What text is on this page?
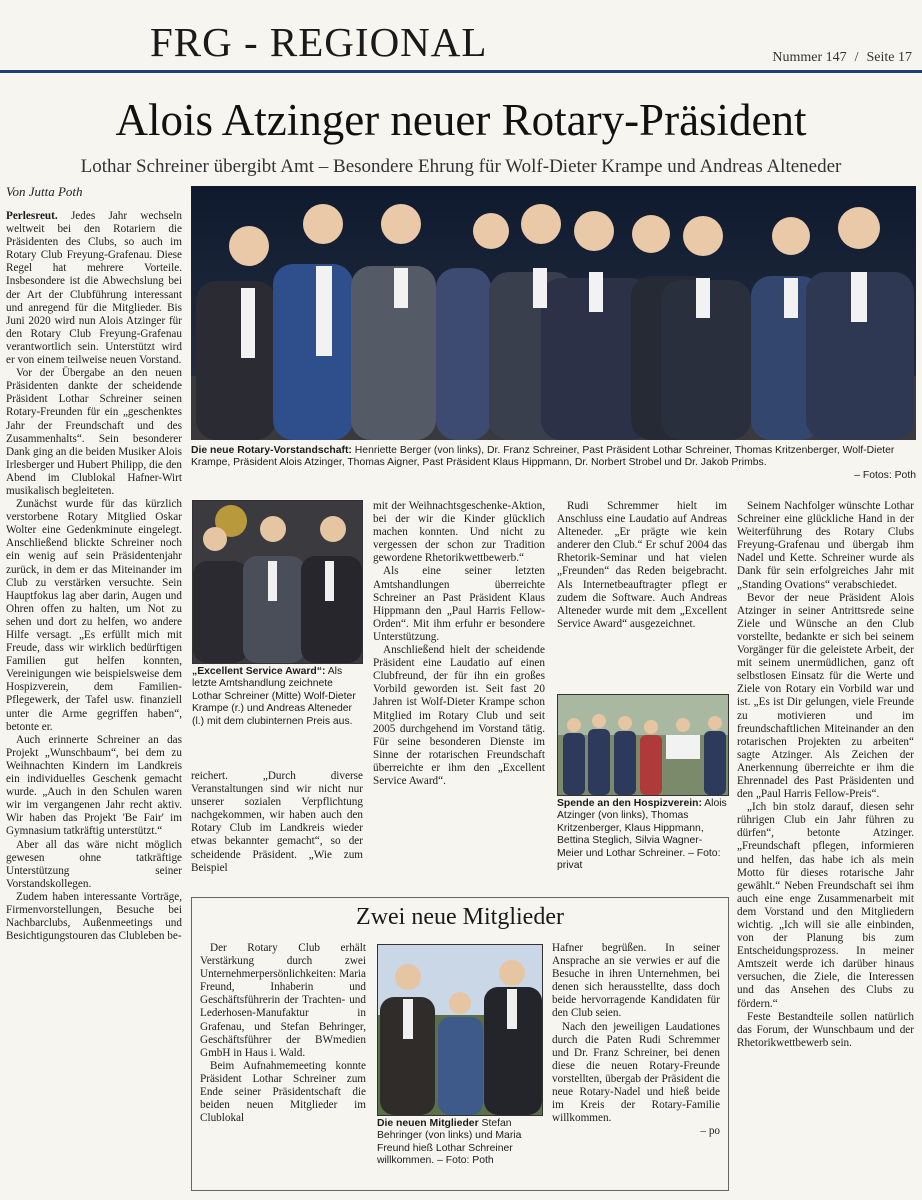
FRG - REGIONAL	Nummer 147 / Seite 17
Alois Atzinger neuer Rotary-Präsident
Lothar Schreiner übergibt Amt – Besondere Ehrung für Wolf-Dieter Krampe und Andreas Alteneder
Von Jutta Poth

Perlesreut. Jedes Jahr wechseln weltweit bei den Rotariern die Präsidenten des Clubs, so auch im Rotary Club Freyung-Grafenau. Diese Regel hat mehrere Vorteile. Insbesondere ist die Abwechslung bei der Art der Clubführung interessant und anregend für die Mitglieder. Bis Juni 2020 wird nun Alois Atzinger für den Rotary Club Freyung-Grafenau verantwortlich sein. Unterstützt wird er von einem teilweise neuen Vorstand.

Vor der Übergabe an den neuen Präsidenten dankte der scheidende Präsident Lothar Schreiner seinen Rotary-Freunden für ein „geschenktes Jahr der Freundschaft und des Zusammenhalts“. Sein besonderer Dank ging an die beiden Musiker Alois Irlesberger und Hubert Philipp, die den Abend im Clublokal Hafner-Wirt musikalisch begleiteten.

Zunächst wurde für das kürzlich verstorbene Rotary Mitglied Oskar Wolter eine Gedenkminute eingelegt. Anschließend blickte Schreiner noch ein wenig auf sein Präsidentenjahr zurück, in dem er das Miteinander im Club zu verstärken versuchte. Sein Hauptfokus lag aber darin, Augen und Ohren offen zu halten, um Not zu sehen und dort zu helfen, wo andere Hilfe versagt. „Es erfüllt mich mit Freude, dass wir wirklich bedürftigen Familien gut helfen konnten, Vereinigungen wie beispielsweise dem Hospizverein, dem Familien-Pflegewerk, der Tafel usw. finanziell unter die Arme gegriffen haben“, betonte er.

Auch erinnerte Schreiner an das Projekt „Wunschbaum“, bei dem zu Weihnachten Kindern im Landkreis ein individuelles Geschenk gemacht wurde. „Auch in den Schulen waren wir im vergangenen Jahr recht aktiv. Wir haben das Projekt 'Be Fair' im Gymnasium tatkräftig unterstützt.“

Aber all das wäre nicht möglich gewesen ohne tatkräftige Unterstützung seiner Vorstandskollegen.

Zudem haben interessante Vorträge, Firmenvorstellungen, Besuche bei Nachbarclubs, Außenmeetings und Besichtigungstouren das Clubleben be-

Die neue Rotary-Vorstandschaft: Henriette Berger (von links), Dr. Franz Schreiner, Past Präsident Lothar Schreiner, Thomas Kritzenberger, Wolf-Dieter Krampe, Präsident Alois Atzinger, Thomas Aigner, Past Präsident Klaus Hippmann, Dr. Norbert Strobel und Dr. Jakob Primbs.
– Fotos: Poth
„Excellent Service Award“: Als letzte Amtshandlung zeichnete Lothar Schreiner (Mitte) Wolf-Dieter Krampe (r.) und Andreas Alteneder (l.) mit dem clubinternen Preis aus.

reichert. „Durch diverse Veranstaltungen sind wir nicht nur unserer sozialen Verpflichtung nachgekommen, wir haben auch den Rotary Club im Landkreis wieder etwas bekannter gemacht“, so der scheidende Präsident. „Wie zum Beispiel

mit der Weihnachtsgeschenke-Aktion, bei der wir die Kinder glücklich machen konnten. Und nicht zu vergessen der schon zur Tradition gewordene Rhetorikwettbewerb.“

Als eine seiner letzten Amtshandlungen überreichte Schreiner an Past Präsident Klaus Hippmann den „Paul Harris Fellow-Orden“. Mit ihm erfuhr er besondere Unterstützung.

Anschließend hielt der scheidende Präsident eine Laudatio auf einen Clubfreund, der für ihn ein großes Vorbild geworden ist. Seit fast 20 Jahren ist Wolf-Dieter Krampe schon Mitglied im Rotary Club und seit 2005 durchgehend im Vorstand tätig. Für seine besonderen Dienste im Sinne der rotarischen Freundschaft überreichte er ihm den „Excellent Service Award“.

Rudi Schremmer hielt im Anschluss eine Laudatio auf Andreas Alteneder. „Er prägte wie kein anderer den Club.“ Er schuf 2004 das Rhetorik-Seminar und hat vielen „Freunden“ das Reden beigebracht. Als Internetbeauftragter pflegt er zudem die Software. Auch Andreas Alteneder wurde mit dem „Excellent Service Award“ ausgezeichnet.

Spende an den Hospizverein: Alois Atzinger (von links), Thomas Kritzenberger, Klaus Hippmann, Bettina Steglich, Silvia Wagner-Meier und Lothar Schreiner. – Foto: privat

Seinem Nachfolger wünschte Lothar Schreiner eine glückliche Hand in der Weiterführung des Rotary Clubs Freyung-Grafenau und übergab ihm Nadel und Kette. Schreiner wurde als Dank für sein erfolgreiches Jahr mit „Standing Ovations“ verabschiedet.

Bevor der neue Präsident Alois Atzinger in seiner Antrittsrede seine Ziele und Wünsche an den Club vorstellte, bedankte er sich bei seinem Vorgänger für die geleistete Arbeit, der mit seinem unermüdlichen, ganz oft selbstlosen Einsatz für die Werte und Ziele von Rotary ein Vorbild war und ist. „Es ist Dir gelungen, viele Freunde zu motivieren und im freundschaftlichen Miteinander an den rotarischen Projekten zu arbeiten“ sagte Atzinger. Als Zeichen der Anerkennung überreichte er ihm die Ehrennadel des Past Präsidenten und den „Paul Harris Fellow-Preis“.

„Ich bin stolz darauf, diesen sehr rührigen Club ein Jahr führen zu dürfen“, betonte Atzinger. „Freundschaft pflegen, informieren und helfen, das habe ich als mein Motto für dieses rotarische Jahr gewählt.“ Neben Freundschaft sei ihm auch eine enge Zusammenarbeit mit dem Vorstand und den Mitgliedern wichtig. „Ich will sie alle einbinden, von der Planung bis zum Entscheidungsprozess. In meiner Amtszeit werde ich darüber hinaus versuchen, die Ziele, die Interessen und das Ansehen des Clubs zu fördern.“

Feste Bestandteile sollen natürlich das Forum, der Wunschbaum und der Rhetorikwettbewerb sein.

Zwei neue Mitglieder

Der Rotary Club erhält Verstärkung durch zwei Unternehmerpersönlichkeiten: Maria Freund, Inhaberin und Geschäftsführerin der Trachten- und Lederhosen-Manufaktur in Grafenau, und Stefan Behringer, Geschäftsführer der BWmedien GmbH in Haus i. Wald.

Beim Aufnahmemeeting konnte Präsident Lothar Schreiner zum Ende seiner Präsidentschaft die beiden neuen Mitglieder im Clublokal	Die neuen Mitglieder Stefan Behringer (von links) und Maria Freund hieß Lothar Schreiner willkommen. – Foto: Poth

Hafner begrüßen. In seiner Ansprache an sie verwies er auf die Besuche in ihren Unternehmen, bei denen sich herausstellte, dass doch beide hervorragende Kandidaten für den Club seien.

Nach den jeweiligen Laudationes durch die Paten Rudi Schremmer und Dr. Franz Schreiner, bei denen diese die neuen Rotary-Freunde vorstellten, übergab der Präsident die neue Rotary-Nadel und hieß beide im Kreis der Rotary-Familie willkommen.

– po
